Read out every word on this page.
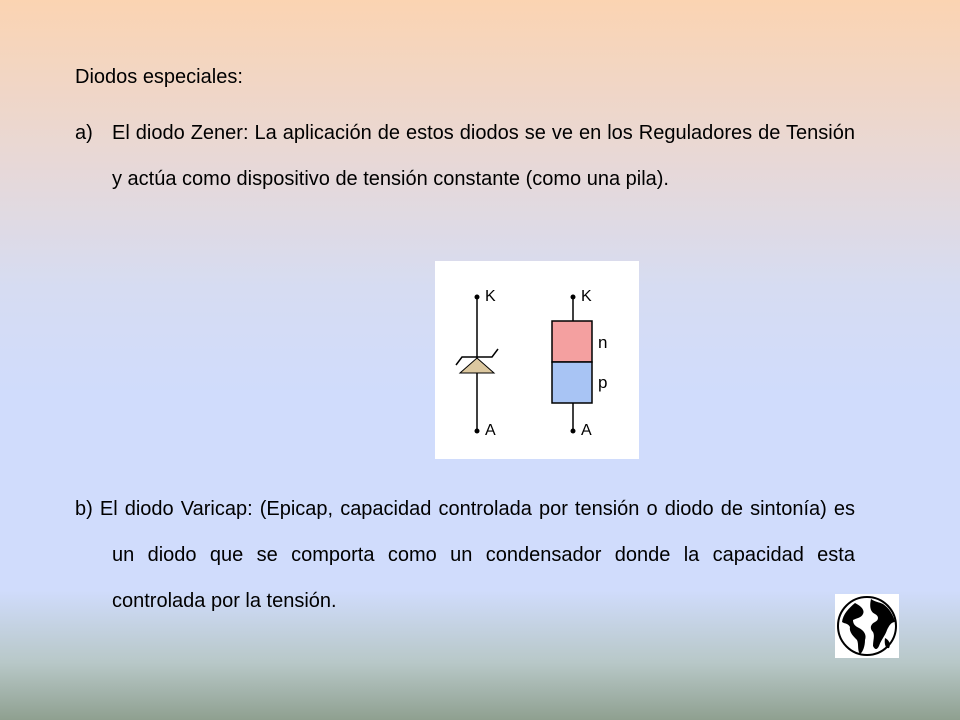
Diodos especiales:
a) El diodo Zener: La aplicación de estos diodos se ve en los Reguladores de Tensión y actúa como dispositivo de tensión constante (como una pila).
K
A
K
A
n
p
b) El diodo Varicap: (Epicap, capacidad controlada por tensión o diodo de sintonía) es un diodo que se comporta como un condensador donde la capacidad esta controlada por la tensión.
